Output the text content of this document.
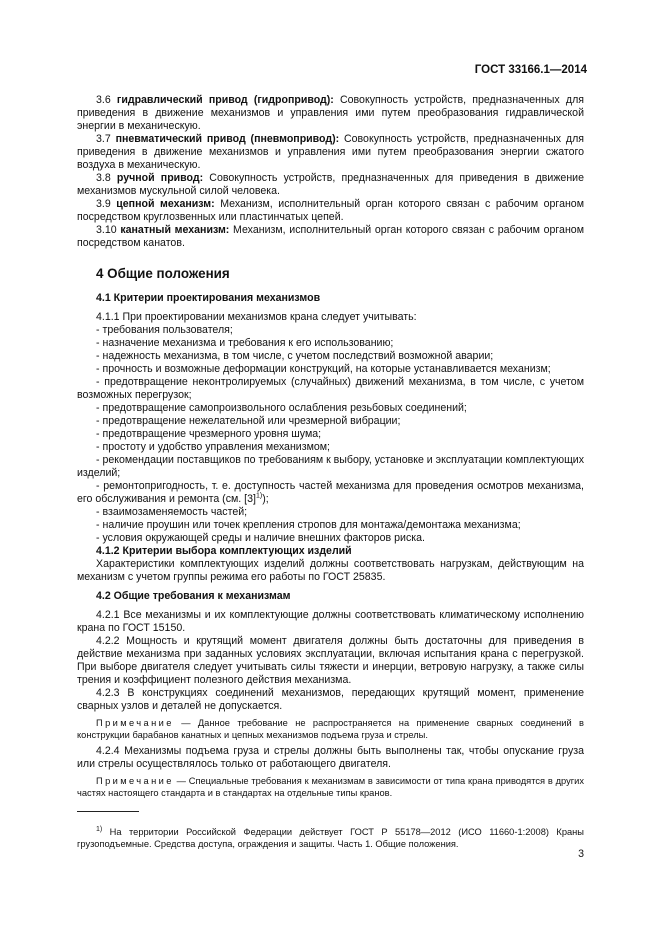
ГОСТ 33166.1—2014

3.6 гидравлический привод (гидропривод): Совокупность устройств, предназначенных для приведения в движение механизмов и управления ими путем преобразования гидравлической энергии в механическую.

3.7 пневматический привод (пневмопривод): Совокупность устройств, предназначенных для приведения в движение механизмов и управления ими путем преобразования энергии сжатого воздуха в механическую.

3.8 ручной привод: Совокупность устройств, предназначенных для приведения в движение механизмов мускульной силой человека.

3.9 цепной механизм: Механизм, исполнительный орган которого связан с рабочим органом посредством круглозвенных или пластинчатых цепей.

3.10 канатный механизм: Механизм, исполнительный орган которого связан с рабочим органом посредством канатов.

4 Общие положения
4.1 Критерии проектирования механизмов

4.1.1 При проектировании механизмов крана следует учитывать:

- требования пользователя;

- назначение механизма и требования к его использованию;

- надежность механизма, в том числе, с учетом последствий возможной аварии;

- прочность и возможные деформации конструкций, на которые устанавливается механизм;

- предотвращение неконтролируемых (случайных) движений механизма, в том числе, с учетом возможных перегрузок;

- предотвращение самопроизвольного ослабления резьбовых соединений;

- предотвращение нежелательной или чрезмерной вибрации;

- предотвращение чрезмерного уровня шума;

- простоту и удобство управления механизмом;

- рекомендации поставщиков по требованиям к выбору, установке и эксплуатации комплектующих изделий;

- ремонтопригодность, т. е. доступность частей механизма для проведения осмотров механизма, его обслуживания и ремонта (см. $[3]^{1)}$);

- взаимозаменяемость частей;

- наличие проушин или точек крепления стропов для монтажа/демонтажа механизма;

- условия окружающей среды и наличие внешних факторов риска.

4.1.2 Критерии выбора комплектующих изделий

Характеристики комплектующих изделий должны соответствовать нагрузкам, действующим на механизм с учетом группы режима его работы по ГОСТ 25835.

4.2 Общие требования к механизмам

4.2.1 Все механизмы и их комплектующие должны соответствовать климатическому исполнению крана по ГОСТ 15150.

4.2.2 Мощность и крутящий момент двигателя должны быть достаточны для приведения в действие механизма при заданных условиях эксплуатации, включая испытания крана с перегрузкой. При выборе двигателя следует учитывать силы тяжести и инерции, ветровую нагрузку, а также силы трения и коэффициент полезного действия механизма.

4.2.3 В конструкциях соединений механизмов, передающих крутящий момент, применение сварных узлов и деталей не допускается.

Примечание — Данное требование не распространяется на применение сварных соединений в конструкции барабанов канатных и цепных механизмов подъема груза и стрелы.

4.2.4 Механизмы подъема груза и стрелы должны быть выполнены так, чтобы опускание груза или стрелы осуществлялось только от работающего двигателя.

Примечание — Специальные требования к механизмам в зависимости от типа крана приводятся в других частях настоящего стандарта и в стандартах на отдельные типы кранов.

$^{1)}$ На территории Российской Федерации действует ГОСТ Р 55178—2012 (ИСО 11660-1:2008) Краны грузоподъемные. Средства доступа, ограждения и защиты. Часть 1. Общие положения.

3
